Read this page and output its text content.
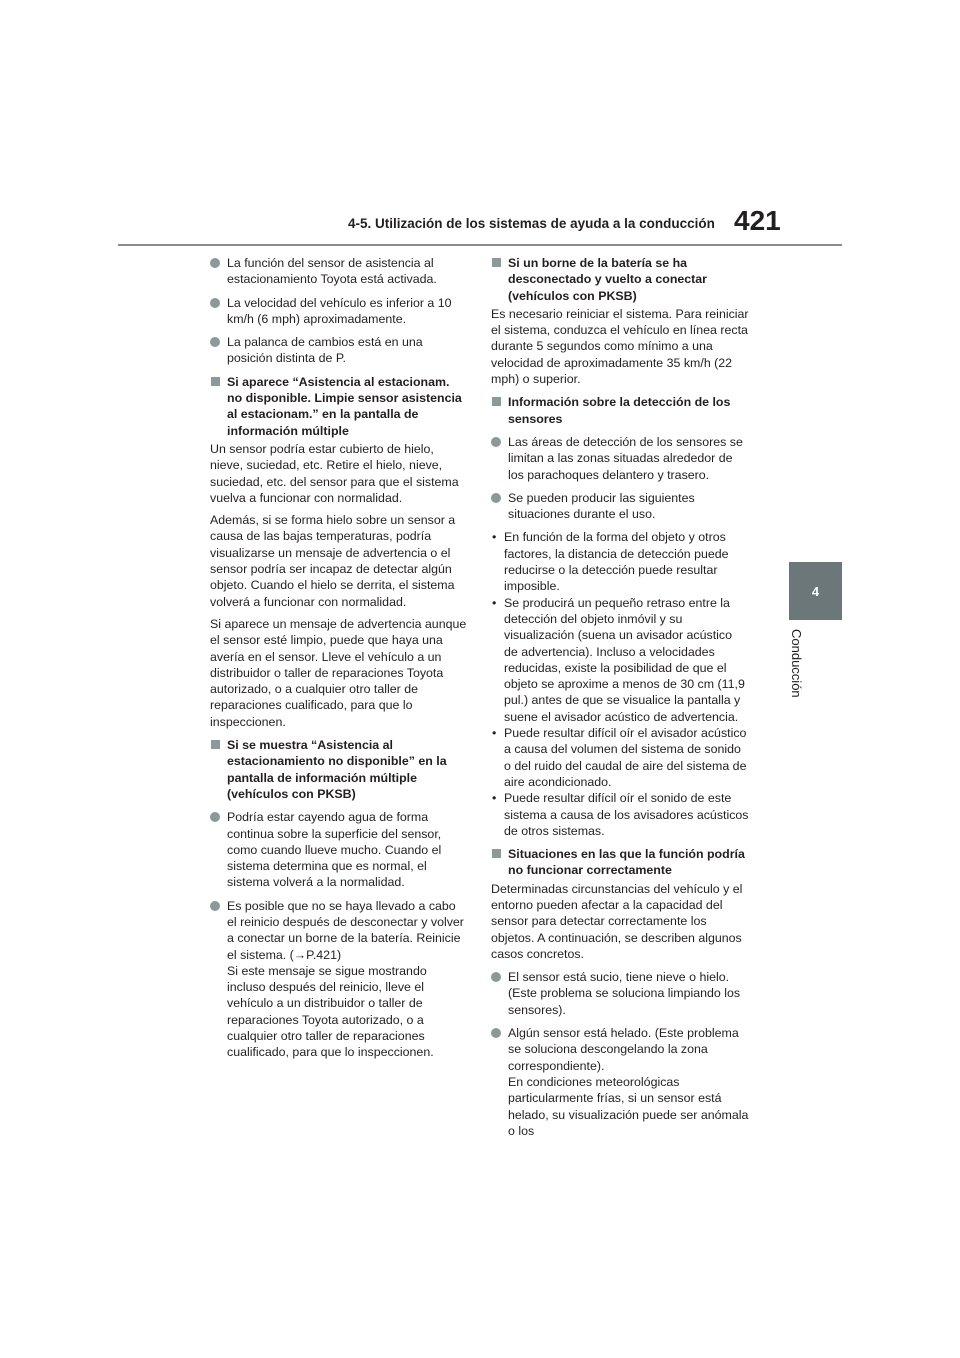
4-5. Utilización de los sistemas de ayuda a la conducción 421
4
Conducción
La función del sensor de asistencia al estacionamiento Toyota está activada.
La velocidad del vehículo es inferior a 10 km/h (6 mph) aproximadamente.
La palanca de cambios está en una posición distinta de P.
Si aparece “Asistencia al estacionam. no disponible. Limpie sensor asistencia al estacionam.” en la pantalla de información múltiple
Un sensor podría estar cubierto de hielo, nieve, suciedad, etc. Retire el hielo, nieve, suciedad, etc. del sensor para que el sistema vuelva a funcionar con normalidad.
Además, si se forma hielo sobre un sensor a causa de las bajas temperaturas, podría visualizarse un mensaje de advertencia o el sensor podría ser incapaz de detectar algún objeto. Cuando el hielo se derrita, el sistema volverá a funcionar con normalidad.
Si aparece un mensaje de advertencia aunque el sensor esté limpio, puede que haya una avería en el sensor. Lleve el vehículo a un distribuidor o taller de reparaciones Toyota autorizado, o a cualquier otro taller de reparaciones cualificado, para que lo inspeccionen.
Si se muestra “Asistencia al estacionamiento no disponible” en la pantalla de información múltiple (vehículos con PKSB)
Podría estar cayendo agua de forma continua sobre la superficie del sensor, como cuando llueve mucho. Cuando el sistema determina que es normal, el sistema volverá a la normalidad.
Es posible que no se haya llevado a cabo el reinicio después de desconectar y volver a conectar un borne de la batería. Reinicie el sistema. (→P.421)
Si este mensaje se sigue mostrando incluso después del reinicio, lleve el vehículo a un distribuidor o taller de reparaciones Toyota autorizado, o a cualquier otro taller de reparaciones cualificado, para que lo inspeccionen.
Si un borne de la batería se ha desconectado y vuelto a conectar (vehículos con PKSB)
Es necesario reiniciar el sistema. Para reiniciar el sistema, conduzca el vehículo en línea recta durante 5 segundos como mínimo a una velocidad de aproximadamente 35 km/h (22 mph) o superior.
Información sobre la detección de los sensores
Las áreas de detección de los sensores se limitan a las zonas situadas alrededor de los parachoques delantero y trasero.
Se pueden producir las siguientes situaciones durante el uso.
• En función de la forma del objeto y otros factores, la distancia de detección puede reducirse o la detección puede resultar imposible.
• Se producirá un pequeño retraso entre la detección del objeto inmóvil y su visualización (suena un avisador acústico de advertencia). Incluso a velocidades reducidas, existe la posibilidad de que el objeto se aproxime a menos de 30 cm (11,9 pul.) antes de que se visualice la pantalla y suene el avisador acústico de advertencia.
• Puede resultar difícil oír el avisador acústico a causa del volumen del sistema de sonido o del ruido del caudal de aire del sistema de aire acondicionado.
• Puede resultar difícil oír el sonido de este sistema a causa de los avisadores acústicos de otros sistemas.
Situaciones en las que la función podría no funcionar correctamente
Determinadas circunstancias del vehículo y el entorno pueden afectar a la capacidad del sensor para detectar correctamente los objetos. A continuación, se describen algunos casos concretos.
El sensor está sucio, tiene nieve o hielo. (Este problema se soluciona limpiando los sensores).
Algún sensor está helado. (Este problema se soluciona descongelando la zona correspondiente).
En condiciones meteorológicas particularmente frías, si un sensor está helado, su visualización puede ser anómala o los
